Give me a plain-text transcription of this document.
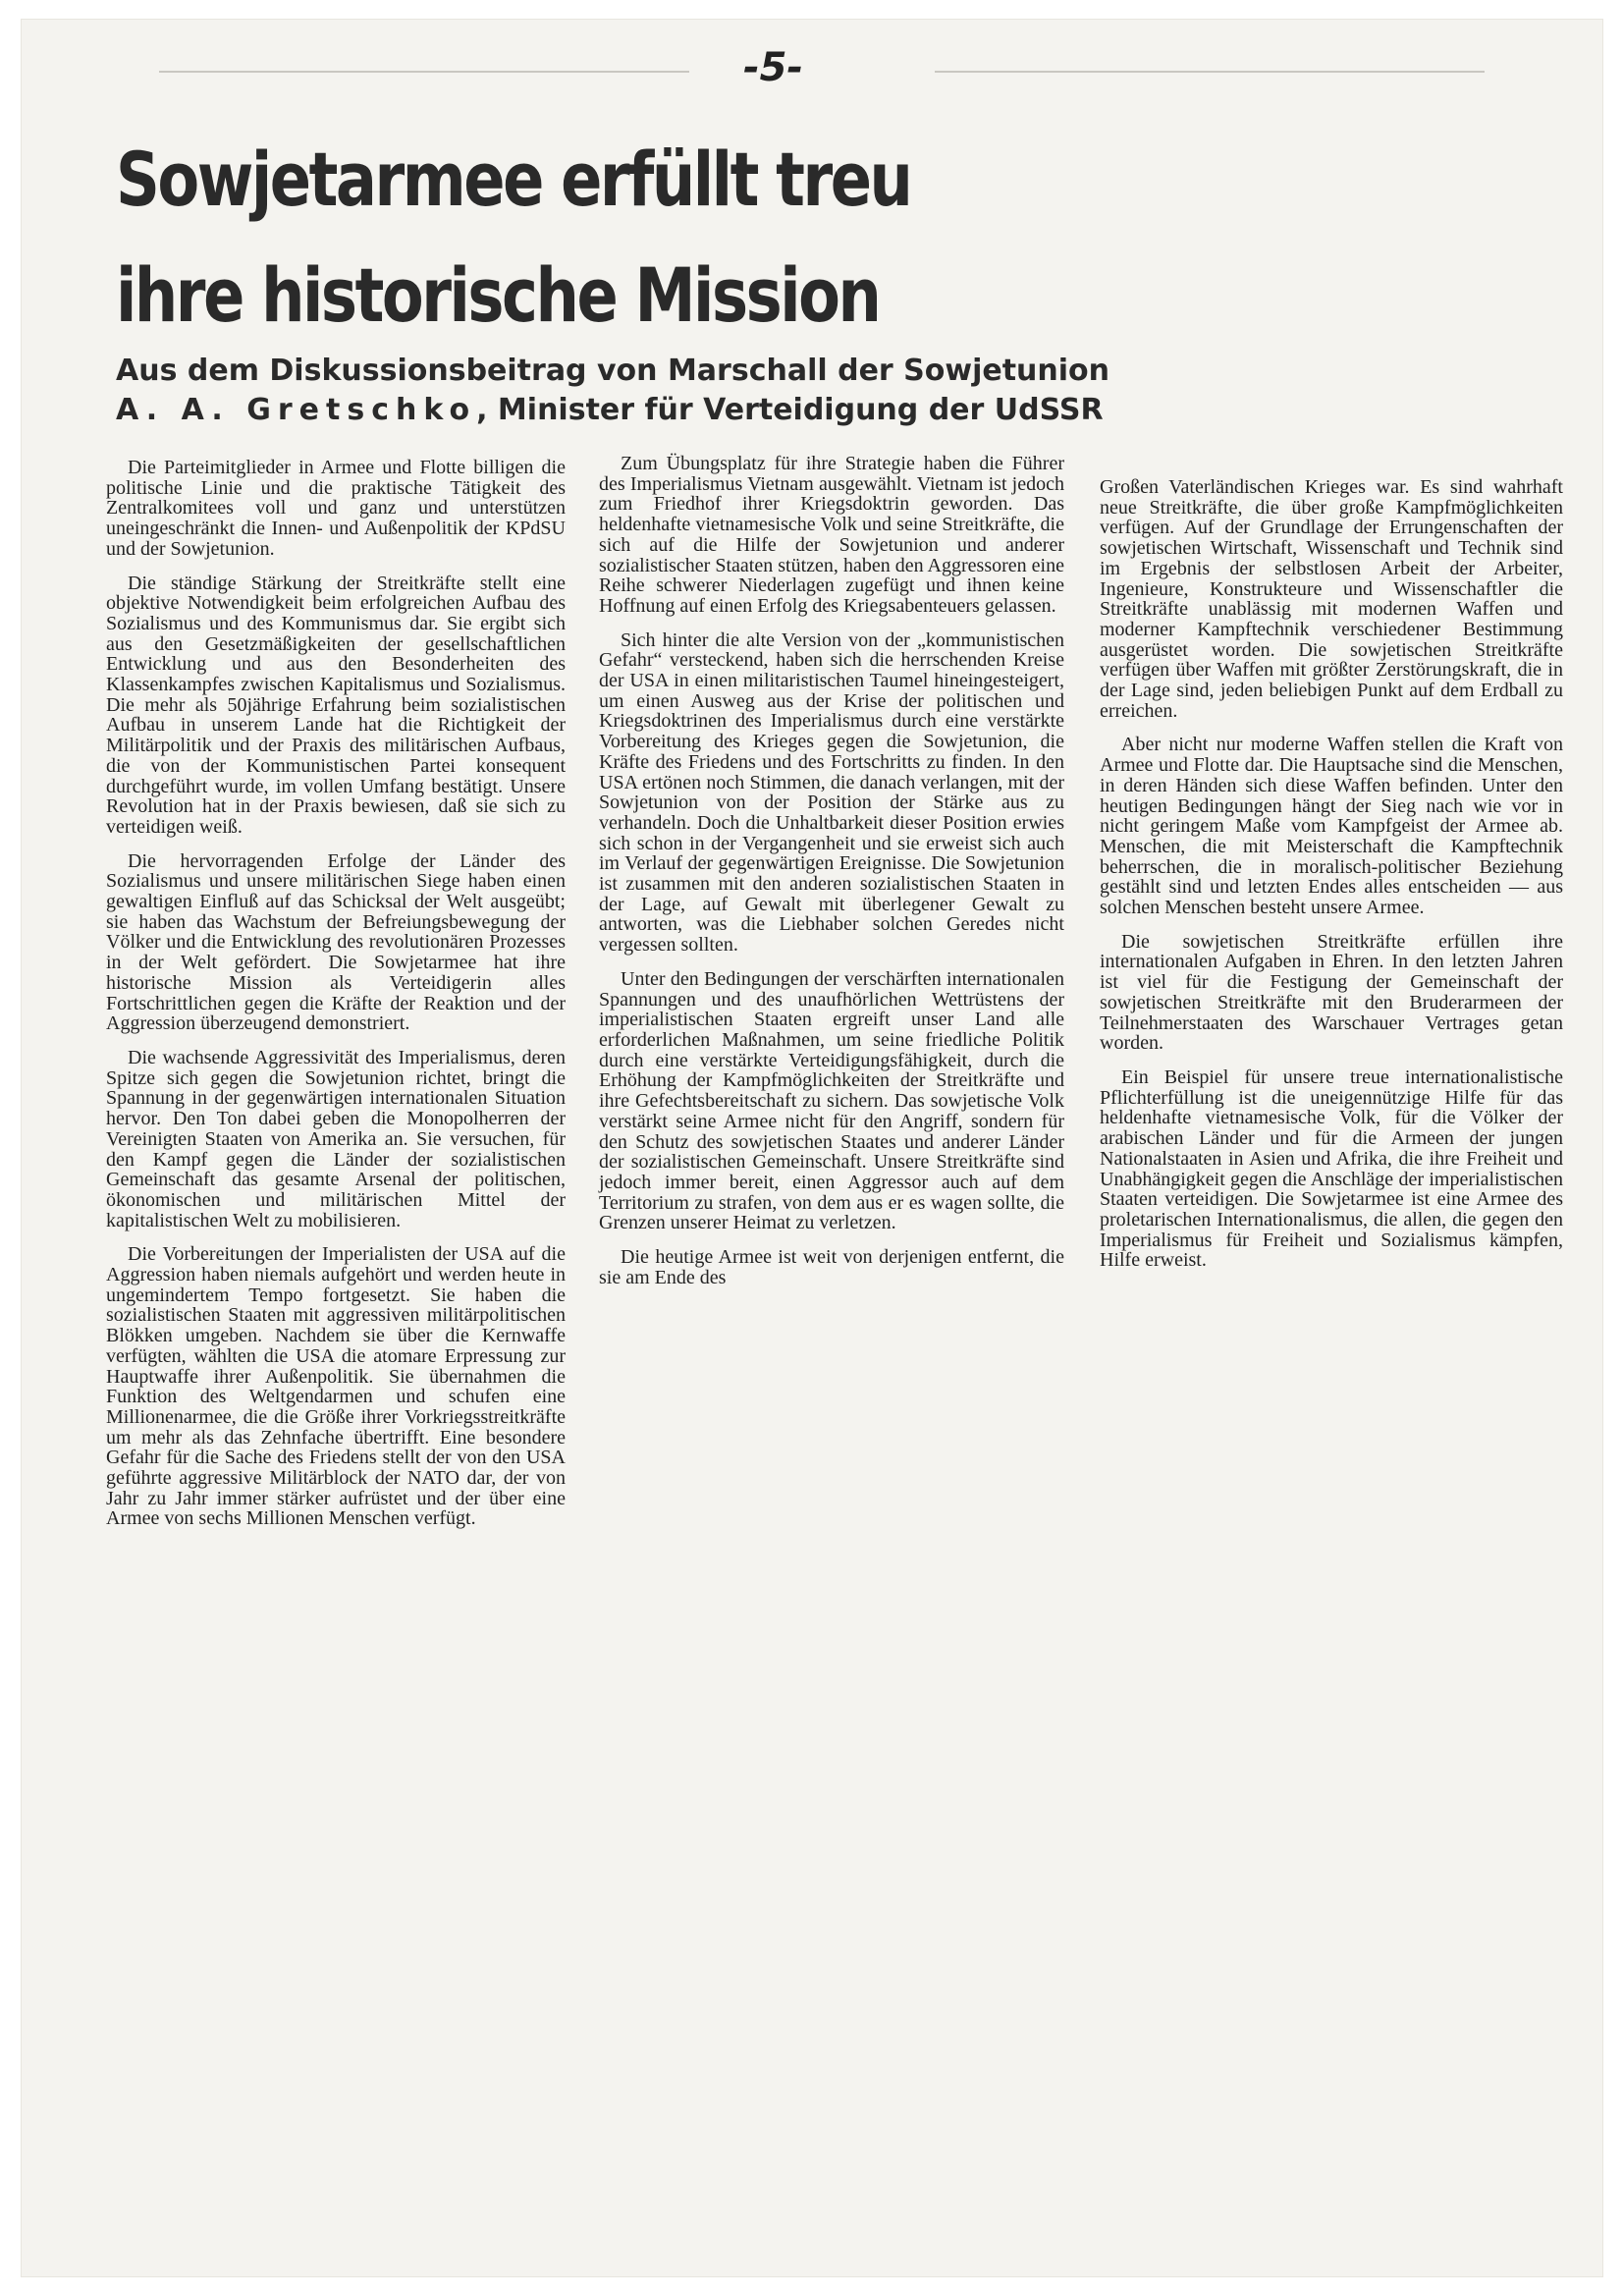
-5-
Sowjetarmee erfüllt treu
ihre historische Mission
Aus dem Diskussionsbeitrag von Marschall der Sowjetunion
A. A. Gretschko, Minister für Verteidigung der UdSSR

Die Parteimitglieder in Armee und Flotte billigen die politische Linie und die praktische Tätigkeit des Zentralkomitees voll und ganz und unterstützen uneingeschränkt die Innen- und Außenpolitik der KPdSU und der Sowjetunion.

Die ständige Stärkung der Streitkräfte stellt eine objektive Notwendigkeit beim erfolgreichen Aufbau des Sozialismus und des Kommunismus dar. Sie ergibt sich aus den Gesetzmäßigkeiten der gesellschaftlichen Entwicklung und aus den Besonderheiten des Klassenkampfes zwischen Kapitalismus und Sozialismus. Die mehr als 50jährige Erfahrung beim sozialistischen Aufbau in unserem Lande hat die Richtigkeit der Militärpolitik und der Praxis des militärischen Aufbaus, die von der Kommunistischen Partei konsequent durchgeführt wurde, im vollen Umfang bestätigt. Unsere Revolution hat in der Praxis bewiesen, daß sie sich zu verteidigen weiß.

Die hervorragenden Erfolge der Länder des Sozialismus und unsere militärischen Siege haben einen gewaltigen Einfluß auf das Schicksal der Welt ausgeübt; sie haben das Wachstum der Befreiungsbewegung der Völker und die Entwicklung des revolutionären Prozesses in der Welt gefördert. Die Sowjetarmee hat ihre historische Mission als Verteidigerin alles Fortschrittlichen gegen die Kräfte der Reaktion und der Aggression überzeugend demonstriert.

Die wachsende Aggressivität des Imperialismus, deren Spitze sich gegen die Sowjetunion richtet, bringt die Spannung in der gegenwärtigen internationalen Situation hervor. Den Ton dabei geben die Monopolherren der Vereinigten Staaten von Amerika an. Sie versuchen, für den Kampf gegen die Länder der sozialistischen Gemeinschaft das gesamte Arsenal der politischen, ökonomischen und militärischen Mittel der kapitalistischen Welt zu mobilisieren.

Die Vorbereitungen der Imperialisten der USA auf die Aggression haben niemals aufgehört und werden heute in ungemindertem Tempo fortgesetzt. Sie haben die sozialistischen Staaten mit aggressiven militärpolitischen Blökken umgeben. Nachdem sie über die Kernwaffe verfügten, wählten die USA die atomare Erpressung zur Hauptwaffe ihrer Außenpolitik. Sie übernahmen die Funktion des Weltgendarmen und schufen eine Millionenarmee, die die Größe ihrer Vorkriegsstreitkräfte um mehr als das Zehnfache übertrifft. Eine besondere Gefahr für die Sache des Friedens stellt der von den USA geführte aggressive Militärblock der NATO dar, der von Jahr zu Jahr immer stärker aufrüstet und der über eine Armee von sechs Millionen Menschen verfügt.

Zum Übungsplatz für ihre Strategie haben die Führer des Imperialismus Vietnam ausgewählt. Vietnam ist jedoch zum Friedhof ihrer Kriegsdoktrin geworden. Das heldenhafte vietnamesische Volk und seine Streitkräfte, die sich auf die Hilfe der Sowjetunion und anderer sozialistischer Staaten stützen, haben den Aggressoren eine Reihe schwerer Niederlagen zugefügt und ihnen keine Hoffnung auf einen Erfolg des Kriegsabenteuers gelassen.

Sich hinter die alte Version von der „kommunistischen Gefahr“ versteckend, haben sich die herrschenden Kreise der USA in einen militaristischen Taumel hineingesteigert, um einen Ausweg aus der Krise der politischen und Kriegsdoktrinen des Imperialismus durch eine verstärkte Vorbereitung des Krieges gegen die Sowjetunion, die Kräfte des Friedens und des Fortschritts zu finden. In den USA ertönen noch Stimmen, die danach verlangen, mit der Sowjetunion von der Position der Stärke aus zu verhandeln. Doch die Unhaltbarkeit dieser Position erwies sich schon in der Vergangenheit und sie erweist sich auch im Verlauf der gegenwärtigen Ereignisse. Die Sowjetunion ist zusammen mit den anderen sozialistischen Staaten in der Lage, auf Gewalt mit überlegener Gewalt zu antworten, was die Liebhaber solchen Geredes nicht vergessen sollten.

Unter den Bedingungen der verschärften internationalen Spannungen und des unaufhörlichen Wettrüstens der imperialistischen Staaten ergreift unser Land alle erforderlichen Maßnahmen, um seine friedliche Politik durch eine verstärkte Verteidigungsfähigkeit, durch die Erhöhung der Kampfmöglichkeiten der Streitkräfte und ihre Gefechtsbereitschaft zu sichern. Das sowjetische Volk verstärkt seine Armee nicht für den Angriff, sondern für den Schutz des sowjetischen Staates und anderer Länder der sozialistischen Gemeinschaft. Unsere Streitkräfte sind jedoch immer bereit, einen Aggressor auch auf dem Territorium zu strafen, von dem aus er es wagen sollte, die Grenzen unserer Heimat zu verletzen.

Die heutige Armee ist weit von derjenigen entfernt, die sie am Ende des

Großen Vaterländischen Krieges war. Es sind wahrhaft neue Streitkräfte, die über große Kampfmöglichkeiten verfügen. Auf der Grundlage der Errungenschaften der sowjetischen Wirtschaft, Wissenschaft und Technik sind im Ergebnis der selbstlosen Arbeit der Arbeiter, Ingenieure, Konstrukteure und Wissenschaftler die Streitkräfte unablässig mit modernen Waffen und moderner Kampftechnik verschiedener Bestimmung ausgerüstet worden. Die sowjetischen Streitkräfte verfügen über Waffen mit größter Zerstörungskraft, die in der Lage sind, jeden beliebigen Punkt auf dem Erdball zu erreichen.

Aber nicht nur moderne Waffen stellen die Kraft von Armee und Flotte dar. Die Hauptsache sind die Menschen, in deren Händen sich diese Waffen befinden. Unter den heutigen Bedingungen hängt der Sieg nach wie vor in nicht geringem Maße vom Kampfgeist der Armee ab. Menschen, die mit Meisterschaft die Kampftechnik beherrschen, die in moralisch-politischer Beziehung gestählt sind und letzten Endes alles entscheiden — aus solchen Menschen besteht unsere Armee.

Die sowjetischen Streitkräfte erfüllen ihre internationalen Aufgaben in Ehren. In den letzten Jahren ist viel für die Festigung der Gemeinschaft der sowjetischen Streitkräfte mit den Bruderarmeen der Teilnehmerstaaten des Warschauer Vertrages getan worden.

Ein Beispiel für unsere treue internationalistische Pflichterfüllung ist die uneigennützige Hilfe für das heldenhafte vietnamesische Volk, für die Völker der arabischen Länder und für die Armeen der jungen Nationalstaaten in Asien und Afrika, die ihre Freiheit und Unabhängigkeit gegen die Anschläge der imperialistischen Staaten verteidigen. Die Sowjetarmee ist eine Armee des proletarischen Internationalismus, die allen, die gegen den Imperialismus für Freiheit und Sozialismus kämpfen, Hilfe erweist.
